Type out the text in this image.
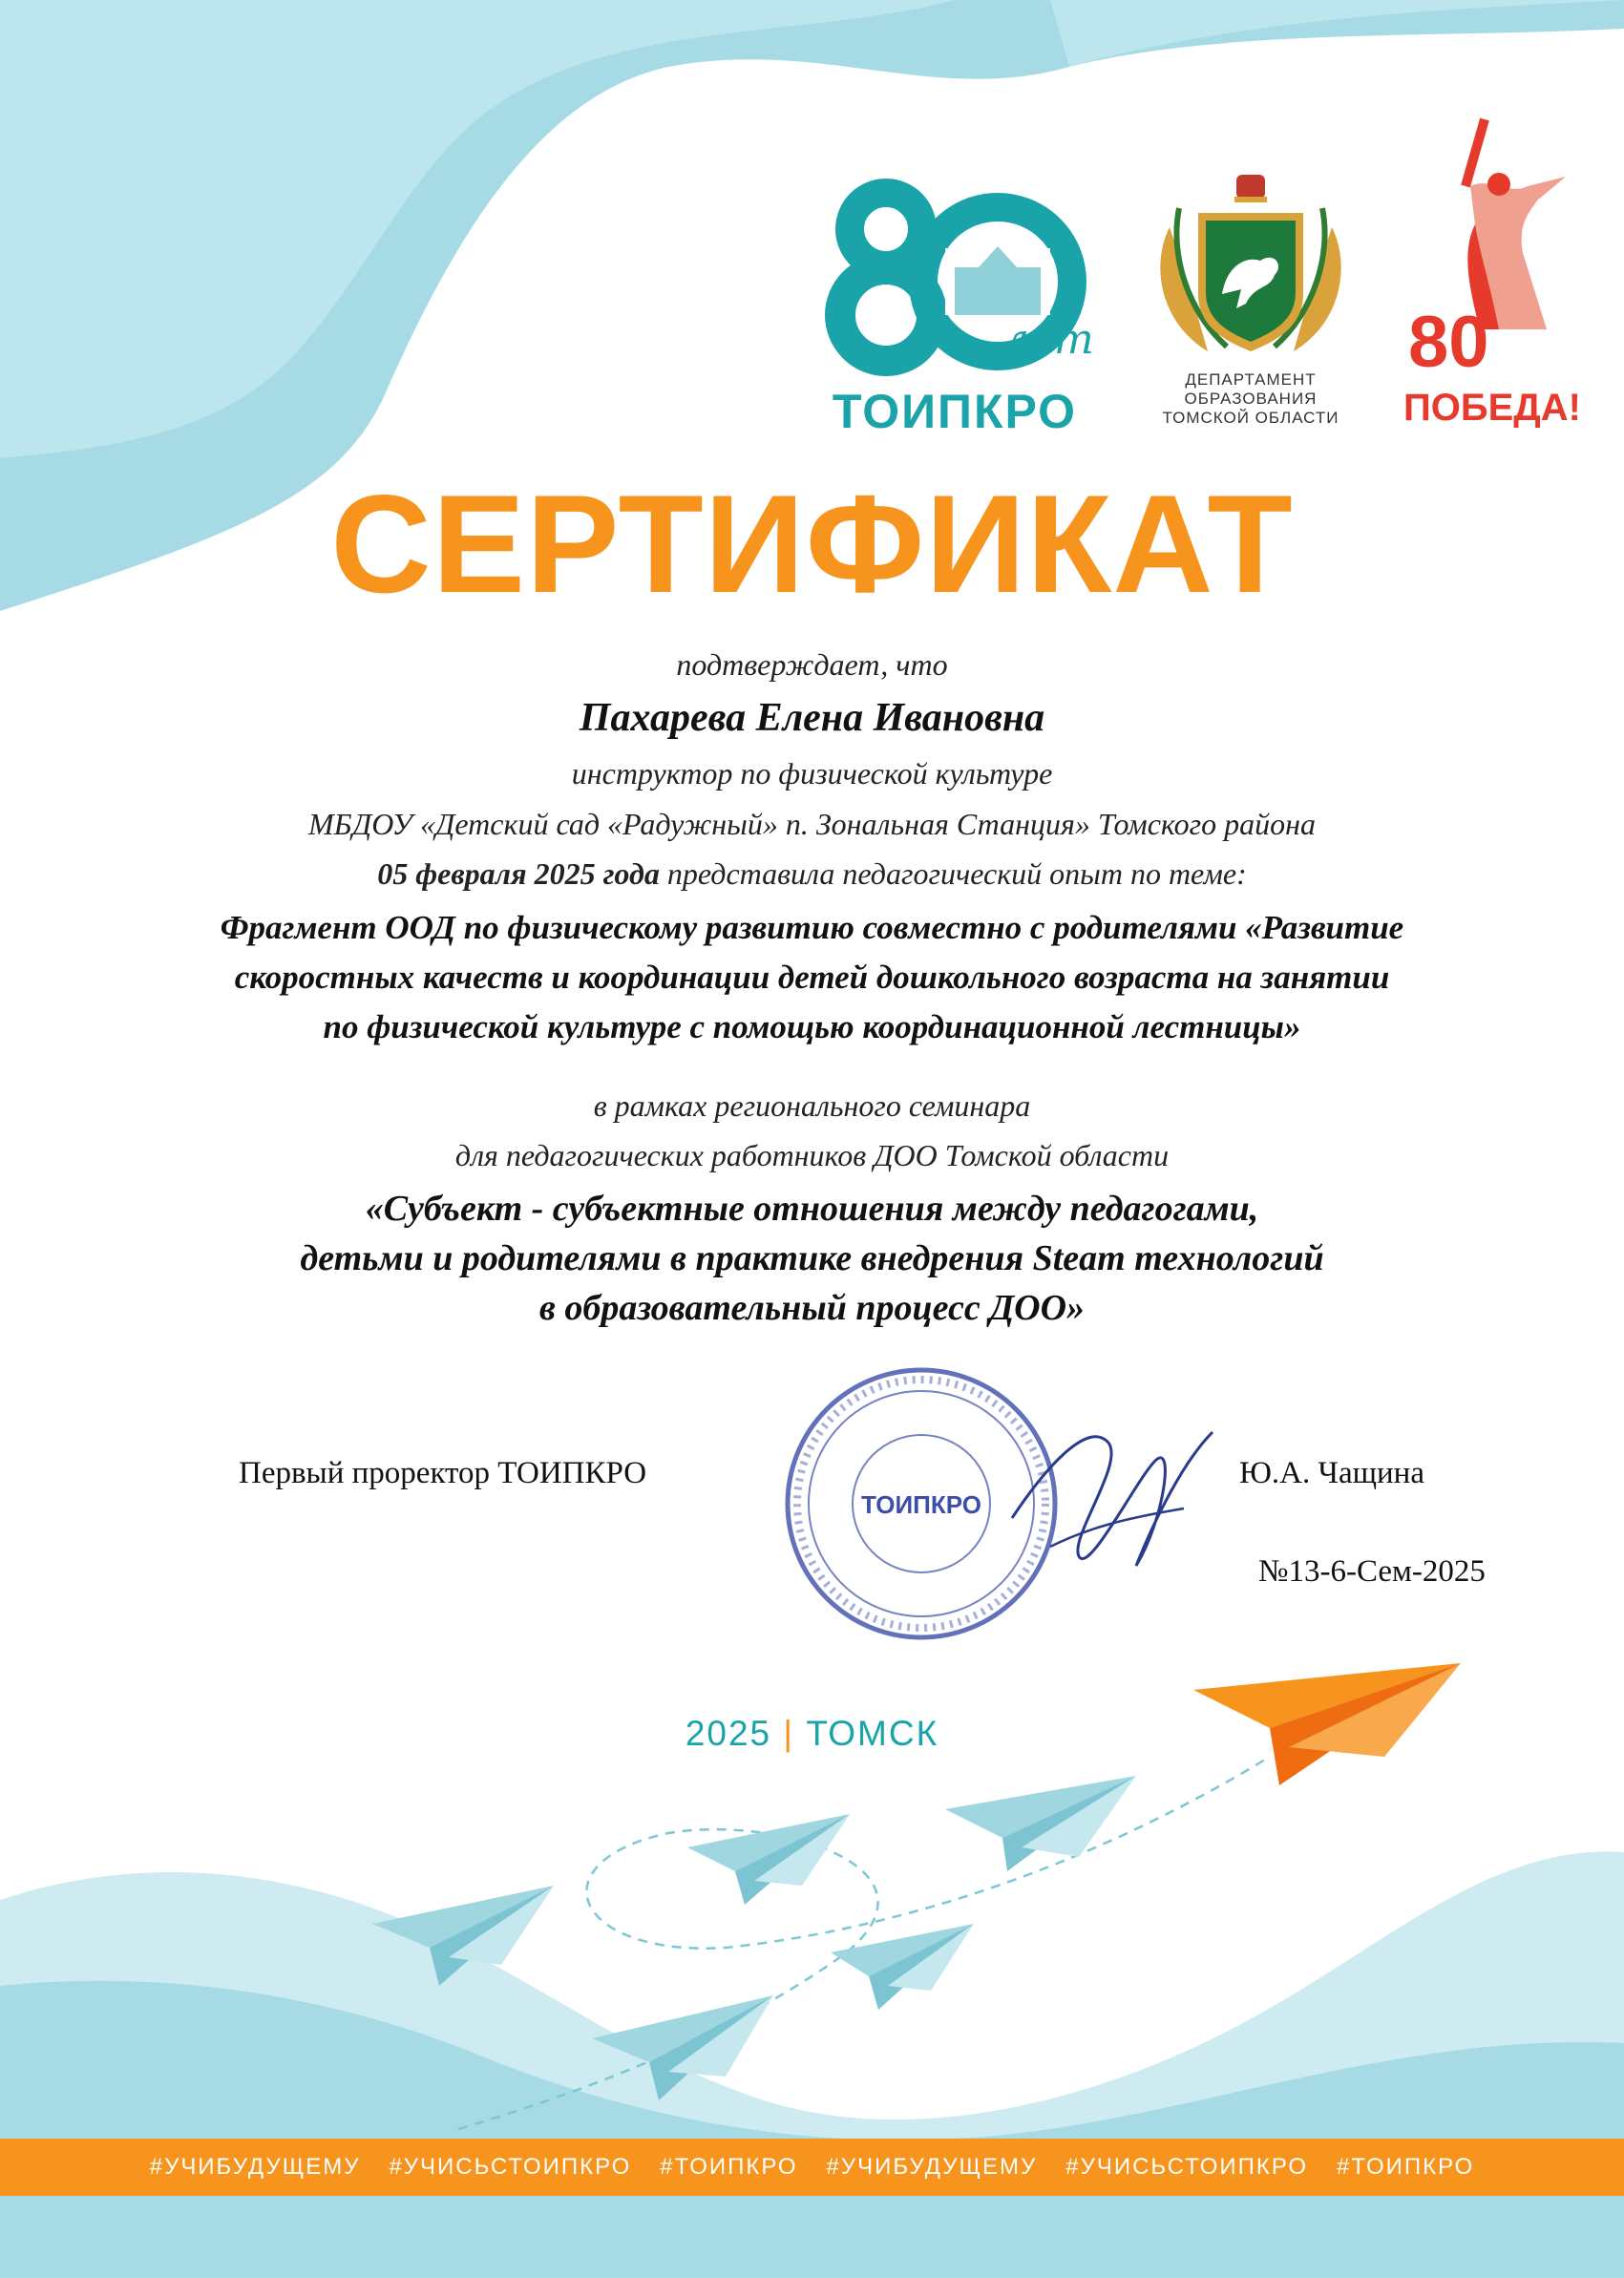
лет
ТОИПКРО
ДЕПАРТАМЕНТ
ОБРАЗОВАНИЯ
ТОМСКОЙ ОБЛАСТИ
80
ПОБЕДА!
СЕРТИФИКАТ
подтверждает, что
Пахарева Елена Ивановна
инструктор по физической культуре
МБДОУ «Детский сад «Радужный» п. Зональная Станция» Томского района
05 февраля 2025 года представила педагогический опыт по теме:
Фрагмент ООД по физическому развитию совместно с родителями «Развитие
скоростных качеств и координации детей дошкольного возраста на занятии
по физической культуре с помощью координационной лестницы»
в рамках регионального семинара
для педагогических работников ДОО Томской области
«Субъект - субъектные отношения между педагогами,
детьми и родителями в практике внедрения Steam технологий
в образовательный процесс ДОО»
ТОИПКРО
Первый проректор ТОИПКРО	Ю.А. Чащина
№13-6-Сем-2025
2025 | ТОМСК
#УЧИБУДУЩЕМУ #УЧИСЬСТОИПКРО #ТОИПКРО #УЧИБУДУЩЕМУ #УЧИСЬСТОИПКРО #ТОИПКРО
